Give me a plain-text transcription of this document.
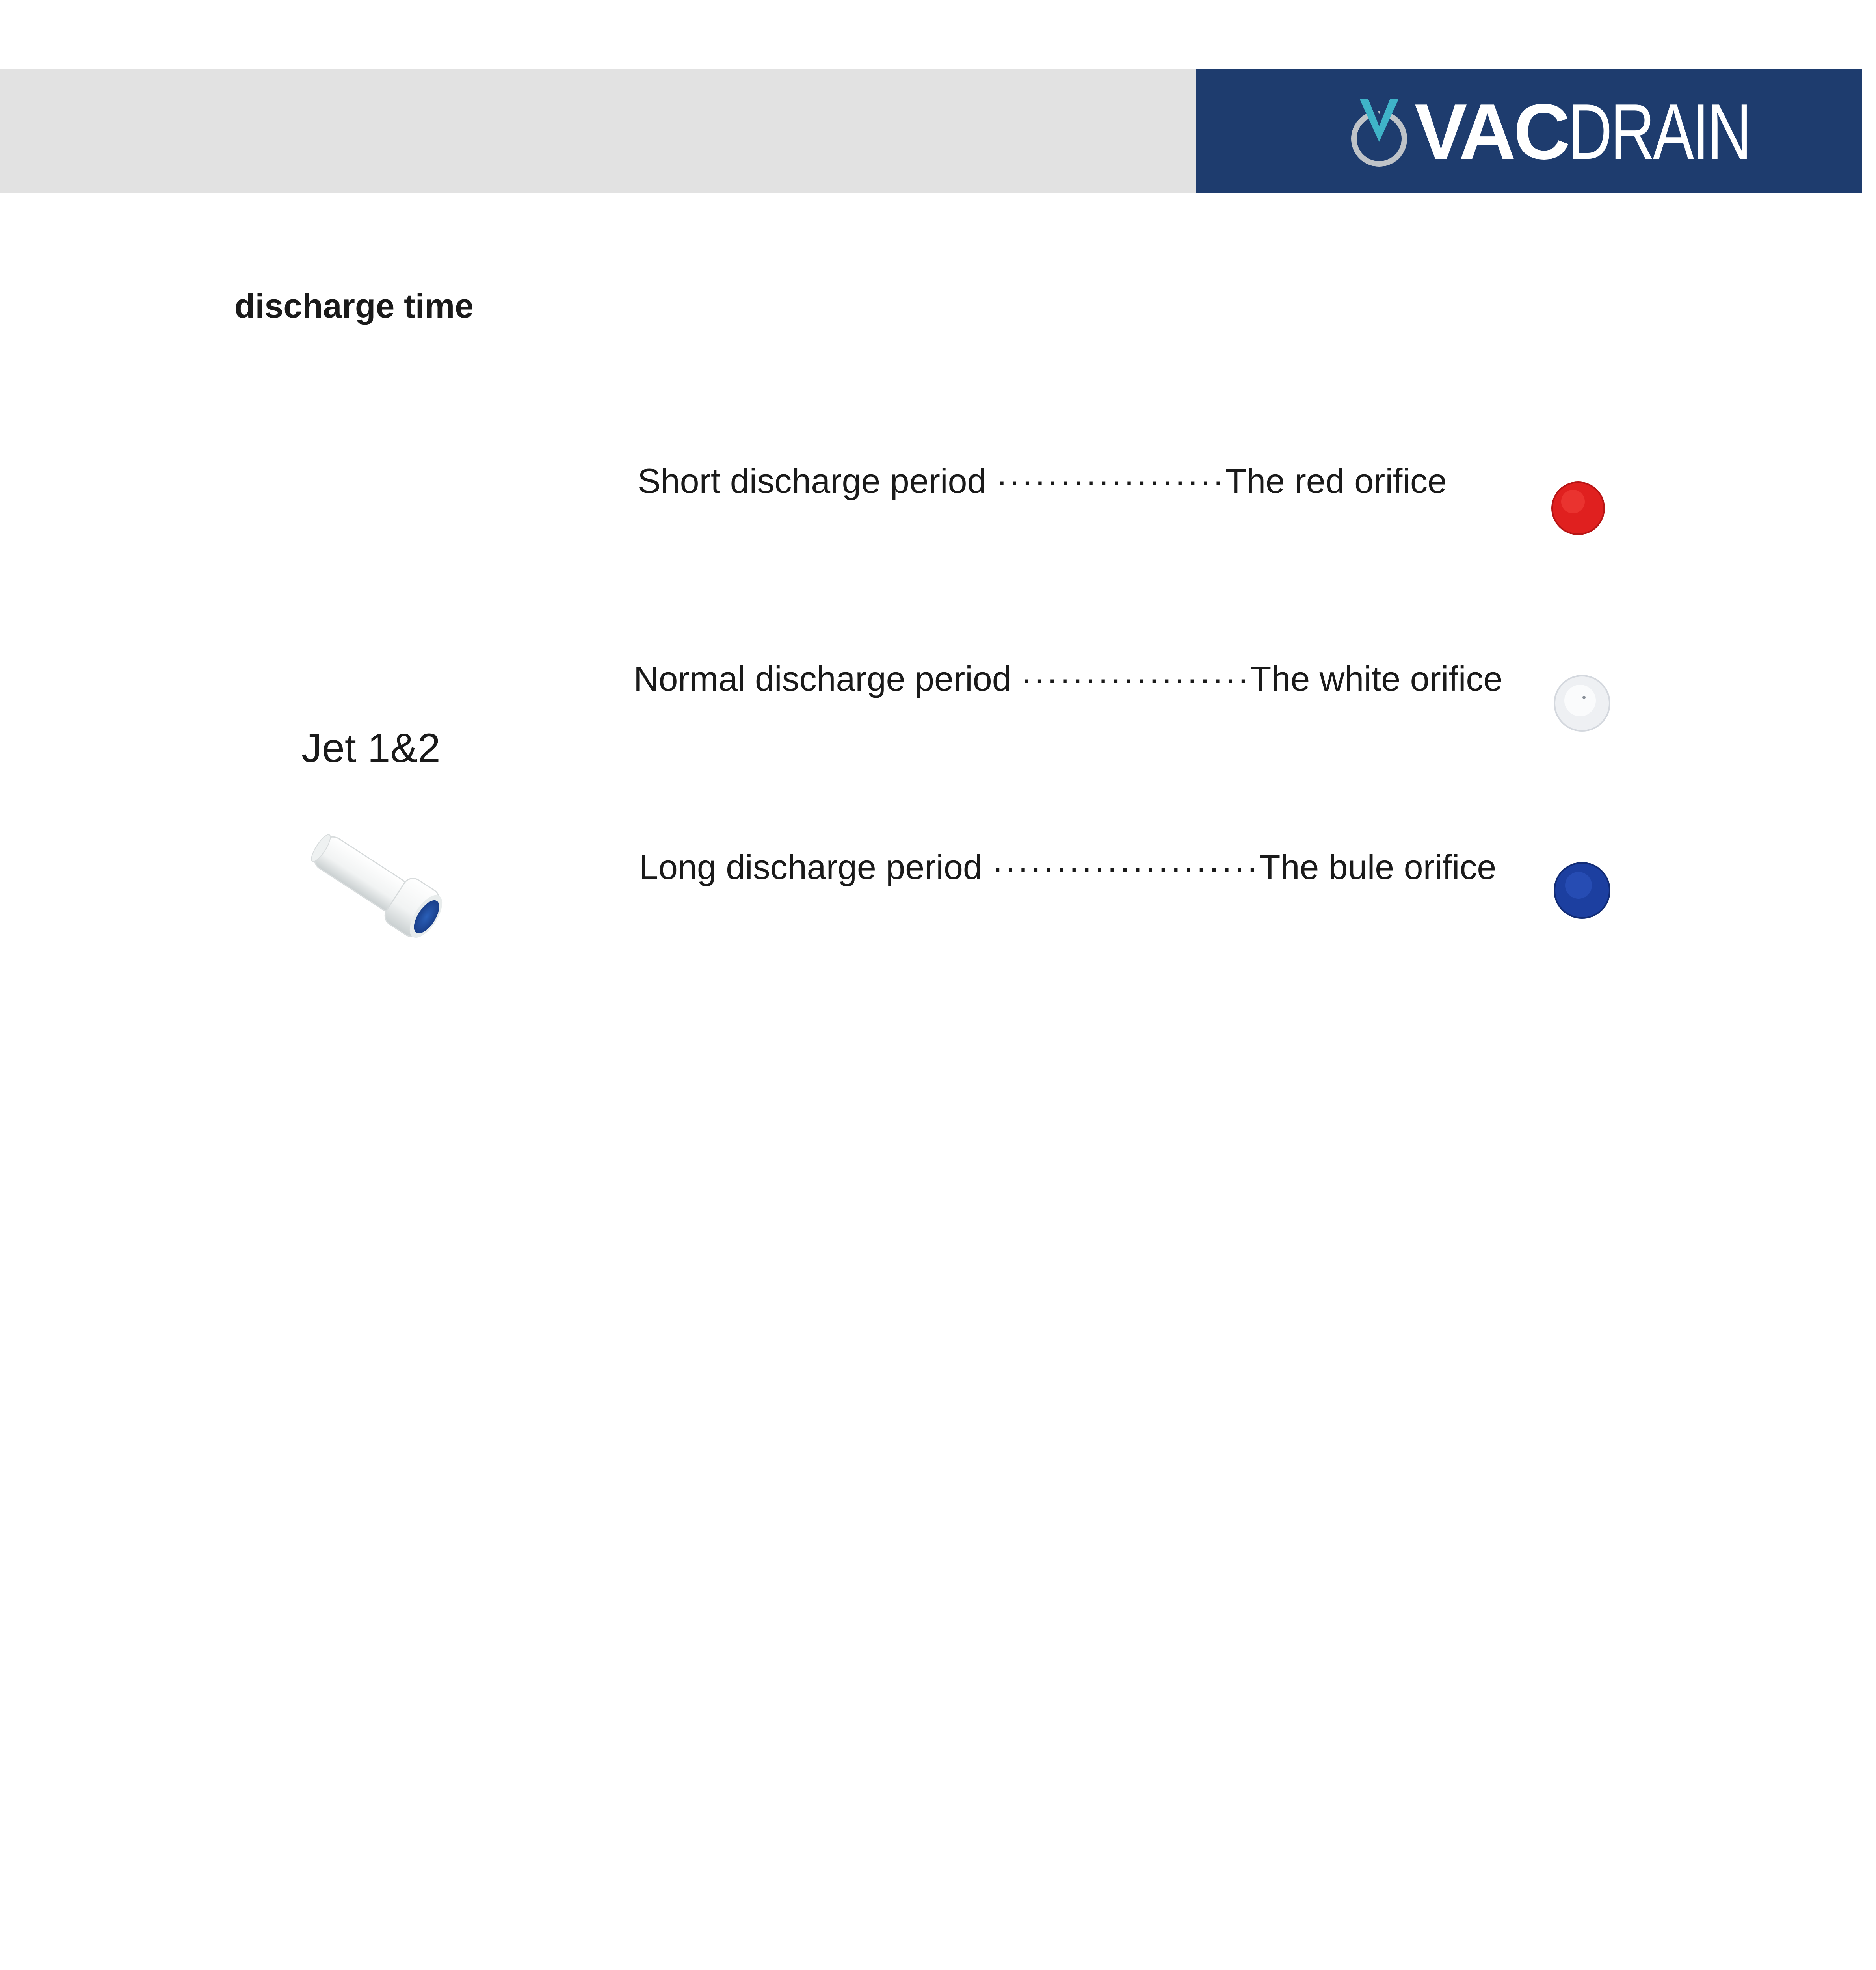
VACDRAIN
discharge time
Jet 1&2
Short discharge period ··················The red orifice
Normal discharge period ··················The white orifice
Long discharge period ·····················The bule orifice
